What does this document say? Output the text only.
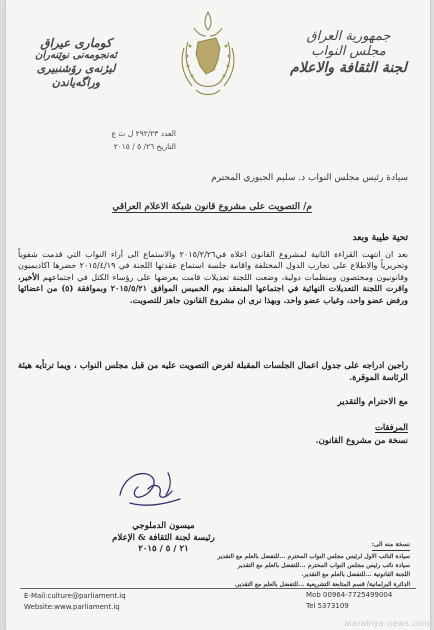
جمهورية العراق
مجلس النواب
لجنة الثقافة والاعلام
كوماری عیراق
ئەنجومەنی نوێنەران
لیژنەی رۆشنبیری وراگەیاندن
العدد ٢٩٢/٢٣ ل ث ع
التاريخ ٢٦/ ٥ / ٢٠١٥
سيادة رئيس مجلس النواب د. سليم الجبوري المحترم
م/ التصويت على مشروع قانون شبكة الاعلام العراقي
تحية طيبة وبعد
بعد ان انتهت القراءة الثانية لمشروع القانون اعلاه في٢٠١٥/٢/٢٦ والاستماع الى أراء النواب التي قدمت شفوياً وتحريرياً والاطلاع على تجارب الدول المختلفة واقامة جلسة استماع عقدتها اللجنة في ٢٠١٥/٤/١٩ حضرها اكاديميون وقانونيون ومختصون ومنظمات دولية، وضعت اللجنة تعديلات قامت بعرضها على رؤساء الكتل في اجتماعهم الأخير، واقرت اللجنة التعديلات النهائية في اجتماعها المنعقد يوم الخميس الموافق ٢٠١٥/٥/٢١ وبموافقة (٥) من اعضائها ورفض عضو واحد، وغياب عضو واحد، وبهذا نرى ان مشروع القانون جاهز للتصويت.
راجين ادراجه على جدول اعمال الجلسات المقبلة لغرض التصويت عليه من قبل مجلس النواب ، ويما ترتأيه هيئة الرئاسة الموقرة.
مع الاحترام والتقدير
المرفقات
نسخة من مشروع القانون.
ميسون الدملوجي
رئيسة لجنة الثقافة & الإعلام
٢١ / ٥ / ٢٠١٥	نسخة منه الى:
سيادة النائب الاول لرئيس مجلس النواب المحترم ...للتفضل بالعلم مع التقدير
سيادة نائب رئيس مجلس النواب المحترم ...للتفضل بالعلم مع التقدير
اللجنة القانونية ...للتفضل بالعلم مع التقدير.
الدائرة البرلمانية/ قسم المتابعة التشريعية ...للتفضل بالعلم مع التقدير.
E-Mail:culture@parliament.iq
Website:www.parliament.iq
Mob 00964-7725499004
Tel 5373109
alarabiya-news.com
